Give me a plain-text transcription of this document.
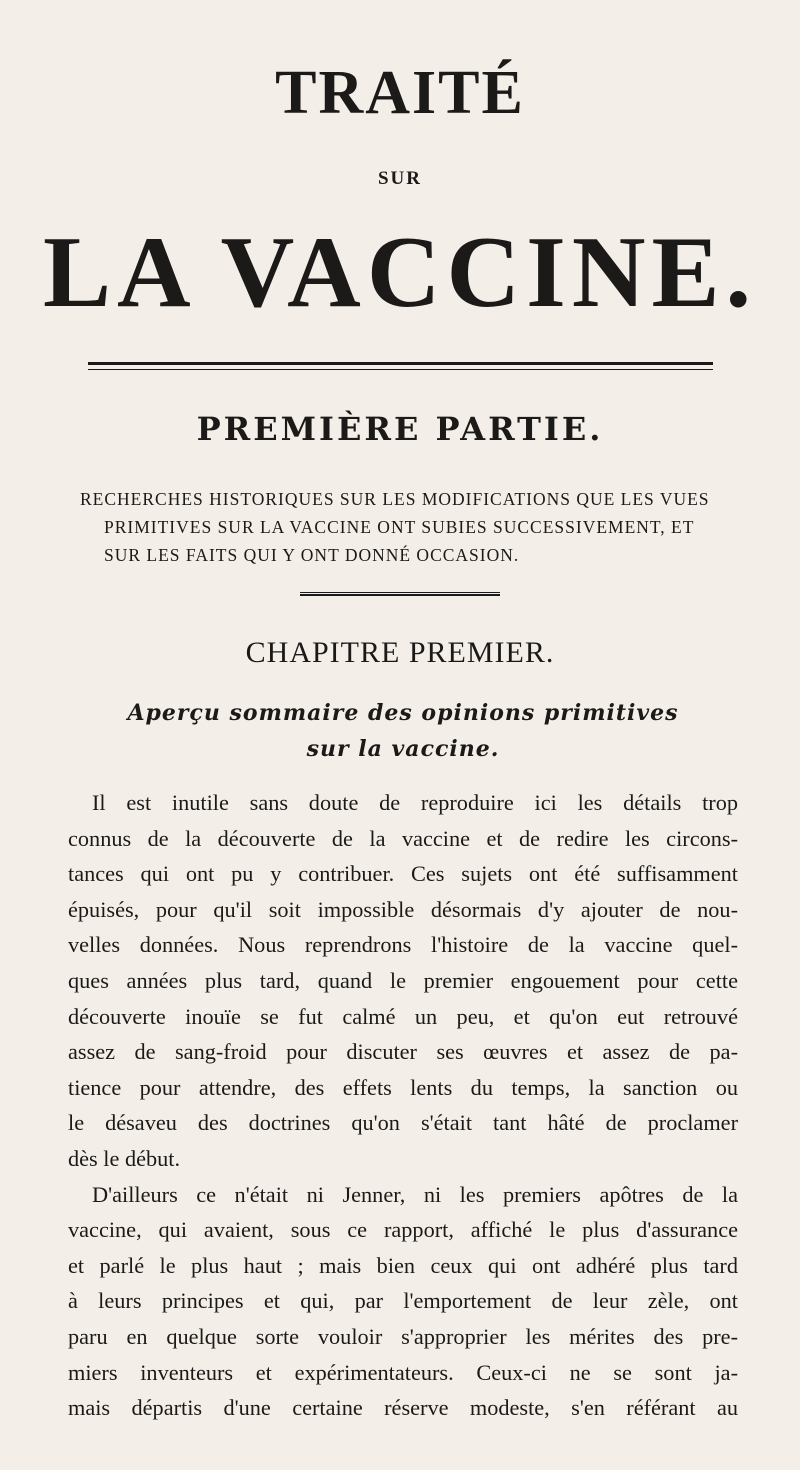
TRAITÉ
SUR
LA VACCINE.
PREMIÈRE PARTIE.
RECHERCHES HISTORIQUES SUR LES MODIFICATIONS QUE LES VUES
PRIMITIVES SUR LA VACCINE ONT SUBIES SUCCESSIVEMENT, ET
SUR LES FAITS QUI Y ONT DONNÉ OCCASION.
CHAPITRE PREMIER.
Aperçu sommaire des opinions primitives
sur la vaccine.
Il est inutile sans doute de reproduire ici les détails trop
connus de la découverte de la vaccine et de redire les circons-
tances qui ont pu y contribuer. Ces sujets ont été suffisamment
épuisés, pour qu'il soit impossible désormais d'y ajouter de nou-
velles données. Nous reprendrons l'histoire de la vaccine quel-
ques années plus tard, quand le premier engouement pour cette
découverte inouïe se fut calmé un peu, et qu'on eut retrouvé
assez de sang-froid pour discuter ses œuvres et assez de pa-
tience pour attendre, des effets lents du temps, la sanction ou
le désaveu des doctrines qu'on s'était tant hâté de proclamer
dès le début.
D'ailleurs ce n'était ni Jenner, ni les premiers apôtres de la
vaccine, qui avaient, sous ce rapport, affiché le plus d'assurance
et parlé le plus haut ; mais bien ceux qui ont adhéré plus tard
à leurs principes et qui, par l'emportement de leur zèle, ont
paru en quelque sorte vouloir s'approprier les mérites des pre-
miers inventeurs et expérimentateurs. Ceux-ci ne se sont ja-
mais départis d'une certaine réserve modeste, s'en référant au
